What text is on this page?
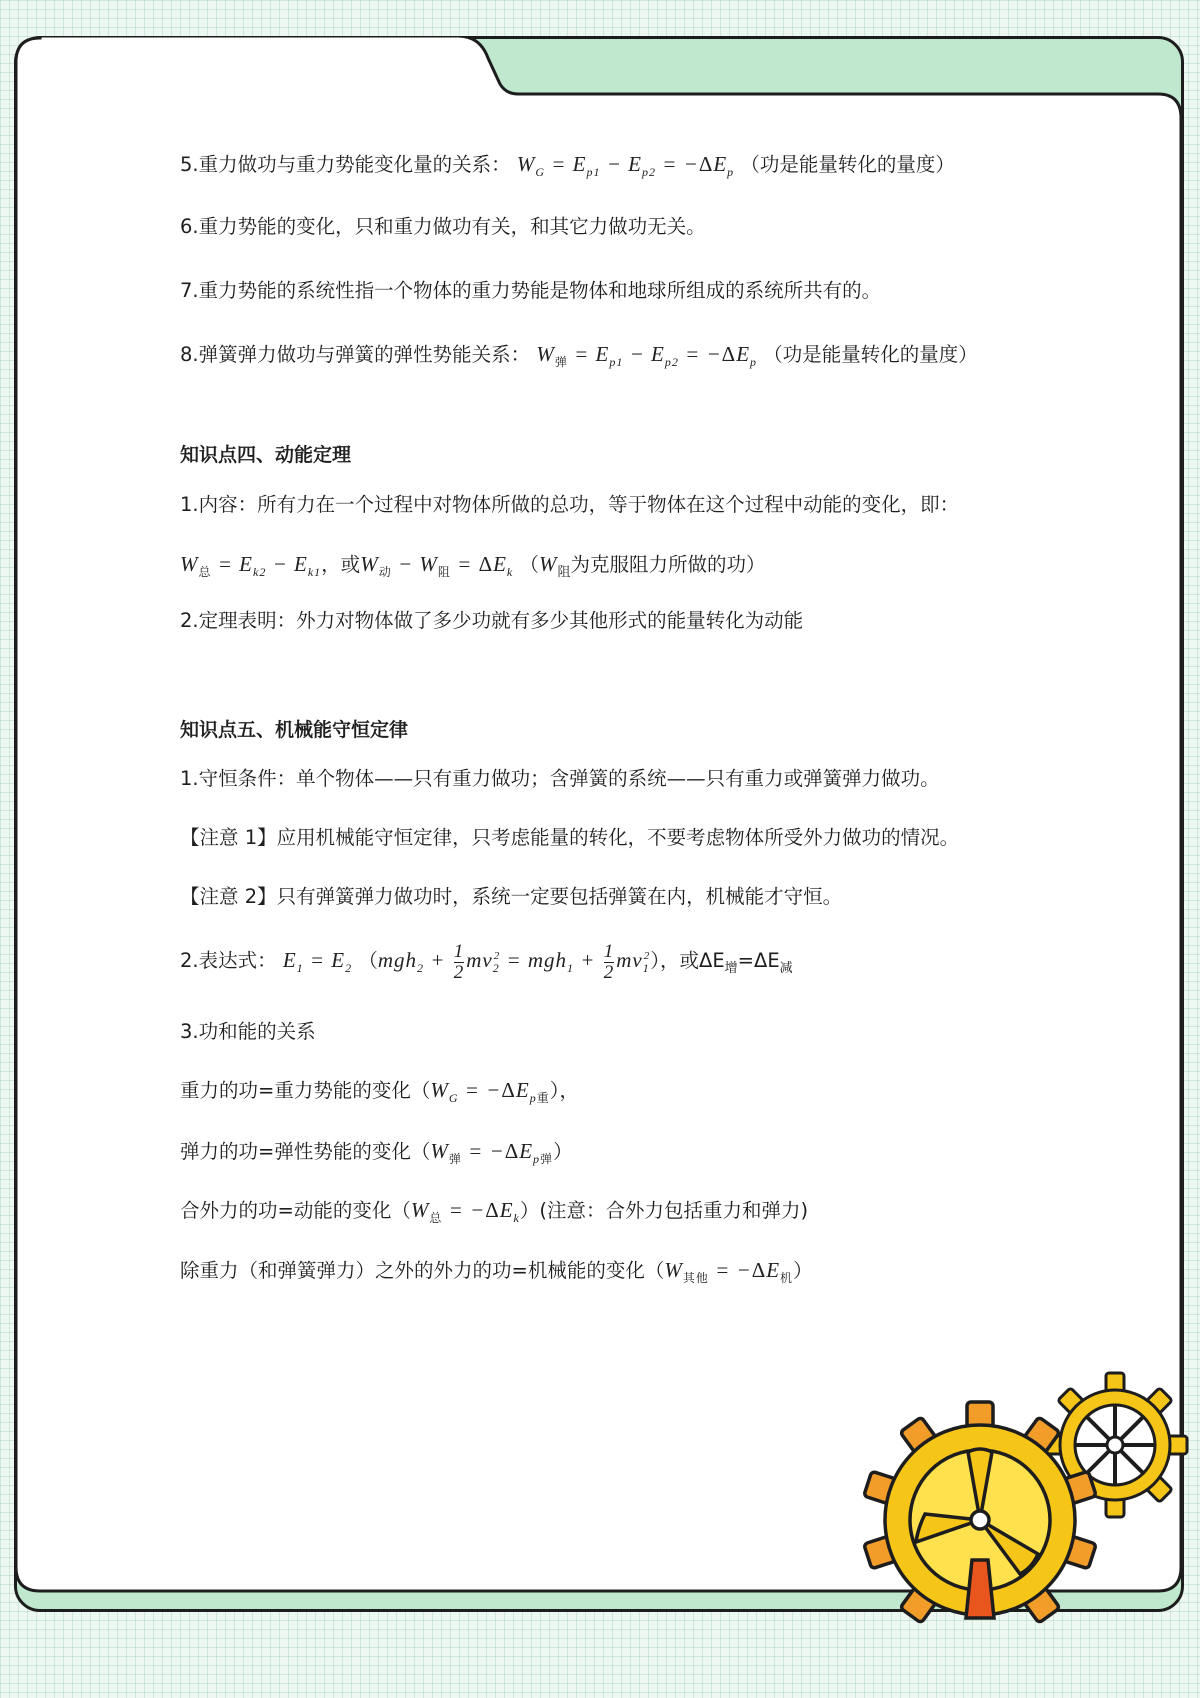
5.重力做功与重力势能变化量的关系： $W_G = E_{p1} - E_{p2} = -\Delta E_p$ （功是能量转化的量度）
6.重力势能的变化，只和重力做功有关，和其它力做功无关。
7.重力势能的系统性指一个物体的重力势能是物体和地球所组成的系统所共有的。
8.弹簧弹力做功与弹簧的弹性势能关系： $W_弹 = E_{p1} - E_{p2} = -\Delta E_p$ （功是能量转化的量度）
知识点四、动能定理
1.内容：所有力在一个过程中对物体所做的总功，等于物体在这个过程中动能的变化，即：
$W_总 = E_{k2} - E_{k1}$，或$W_动 - W_阻 = \Delta E_k$ （$W_阻$为克服阻力所做的功）
2.定理表明：外力对物体做了多少功就有多少其他形式的能量转化为动能
知识点五、机械能守恒定律
1.守恒条件：单个物体——只有重力做功；含弹簧的系统——只有重力或弹簧弹力做功。
【注意 1】应用机械能守恒定律，只考虑能量的转化，不要考虑物体所受外力做功的情况。
【注意 2】只有弹簧弹力做功时，系统一定要包括弹簧在内，机械能才守恒。
2.表达式： $E_1 = E_2$ $(mgh_2 + \frac{1}{2} mv_2^2 = mgh_1 + \frac{1}{2} mv_1^2)$，或$\Delta E_增=\Delta E_减$
3.功和能的关系
重力的功=重力势能的变化$(W_G = -\Delta E_{p重})$，
弹力的功=弹性势能的变化$(W_弹 = -\Delta E_{p弹})$
合外力的功=动能的变化$(W_总 = -\Delta E_k)$(注意：合外力包括重力和弹力)
除重力（和弹簧弹力）之外的外力的功=机械能的变化$(W_{其他} = -\Delta E_机)$
